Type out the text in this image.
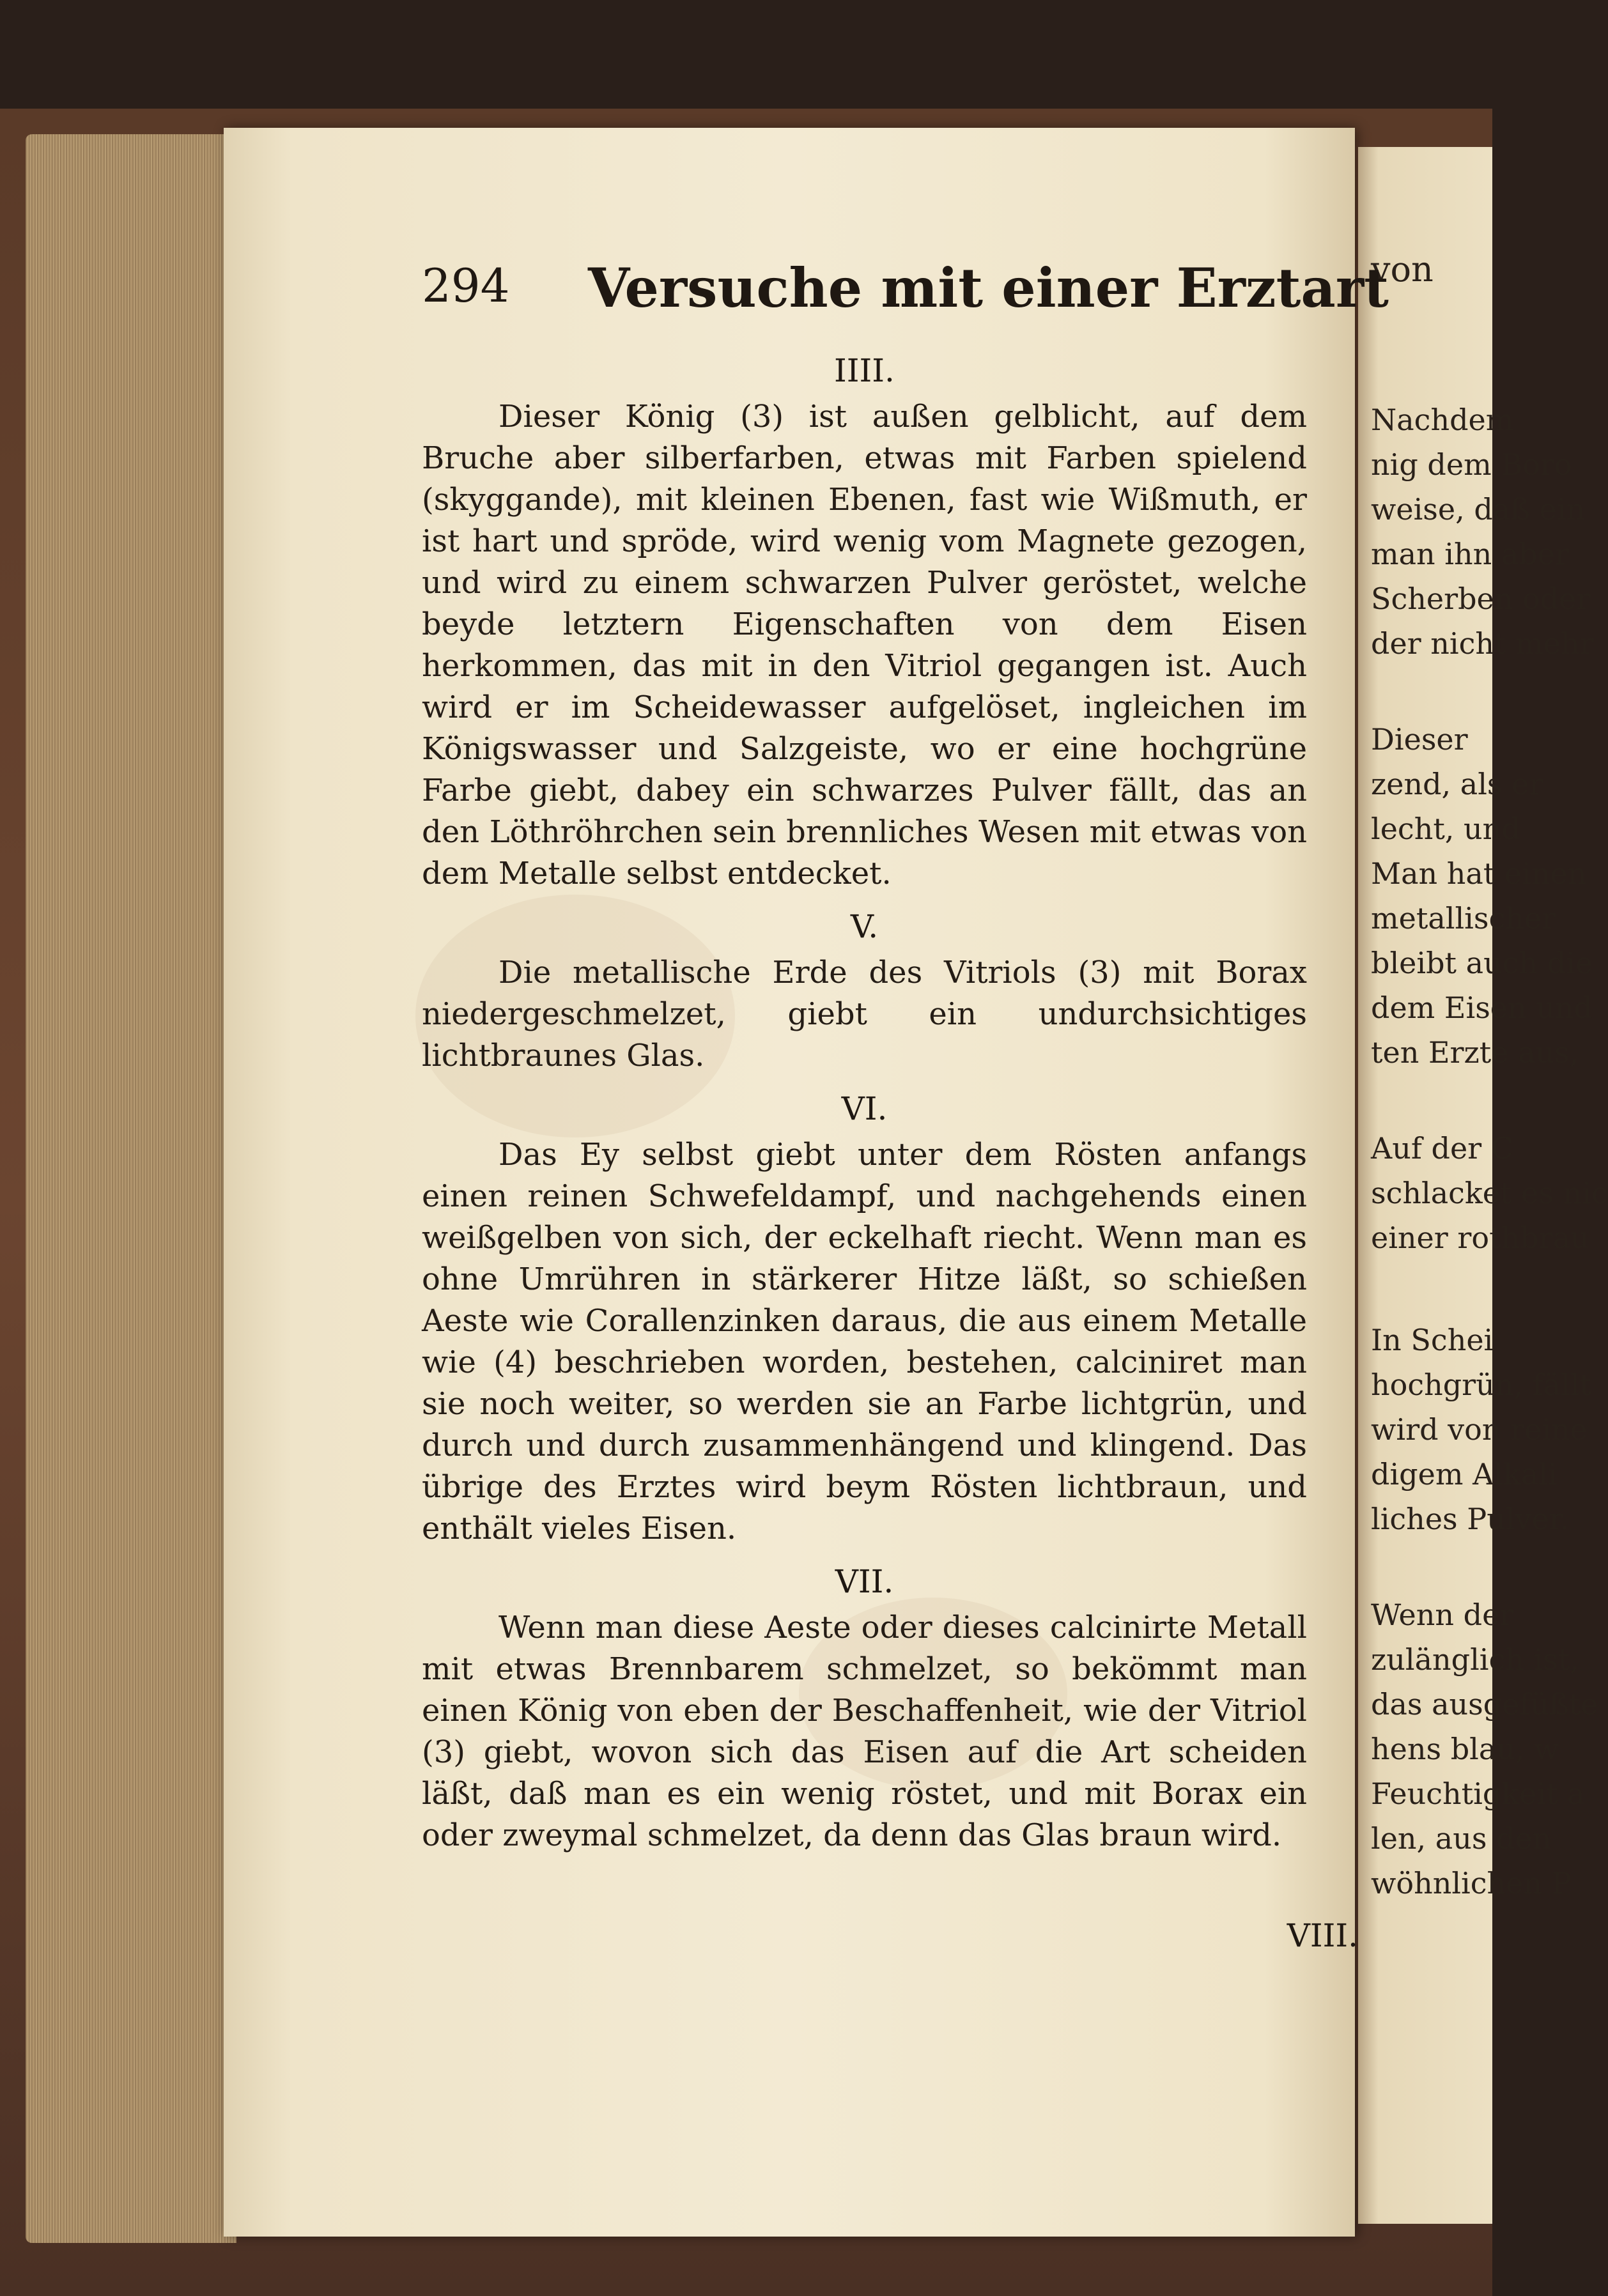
von
Nachdem
nig dem Boro
weise, daß ein
man ihn aber
Scherben oder
der nicht mehr
Dieser
zend, als er
lecht, und
Man hat einen
metallischer
bleibt auch die
dem Eisen und
ten Erzte aus,
Auf der C
schlacket es nic
einer rothbrau
In Schei
hochgrün, fällt
wird von reine
digem Alkali
liches Pulver.
Wenn der
zulänglich ist,
das ausgefüßte
hens blau, w
Feuchtigkeit a
len, aus den
wöhnlichen P
294 Versuche mit einer Erztart
IIII.

Dieser König (3) ist außen gelblicht, auf dem Bruche aber silberfarben, etwas mit Farben spielend (skyggande), mit kleinen Ebenen, fast wie Wißmuth, er ist hart und spröde, wird wenig vom Magnete gezogen, und wird zu einem schwarzen Pulver geröstet, welche beyde letztern Eigenschaften von dem Eisen herkommen, das mit in den Vitriol gegangen ist. Auch wird er im Scheidewasser aufgelöset, ingleichen im Königswasser und Salzgeiste, wo er eine hochgrüne Farbe giebt, dabey ein schwarzes Pulver fällt, das an den Löthröhrchen sein brennliches Wesen mit etwas von dem Metalle selbst entdecket.

V.

Die metallische Erde des Vitriols (3) mit Borax niedergeschmelzet, giebt ein undurchsichtiges lichtbraunes Glas.

VI.

Das Ey selbst giebt unter dem Rösten anfangs einen reinen Schwefeldampf, und nachgehends einen weißgelben von sich, der eckelhaft riecht. Wenn man es ohne Umrühren in stärkerer Hitze läßt, so schießen Aeste wie Corallenzinken daraus, die aus einem Metalle wie (4) beschrieben worden, bestehen, calciniret man sie noch weiter, so werden sie an Farbe lichtgrün, und durch und durch zusammenhängend und klingend. Das übrige des Erztes wird beym Rösten lichtbraun, und enthält vieles Eisen.

VII.

Wenn man diese Aeste oder dieses calcinirte Metall mit etwas Brennbarem schmelzet, so bekömmt man einen König von eben der Beschaffenheit, wie der Vitriol (3) giebt, wovon sich das Eisen auf die Art scheiden läßt, daß man es ein wenig röstet, und mit Borax ein oder zweymal schmelzet, da denn das Glas braun wird.

VIII.
